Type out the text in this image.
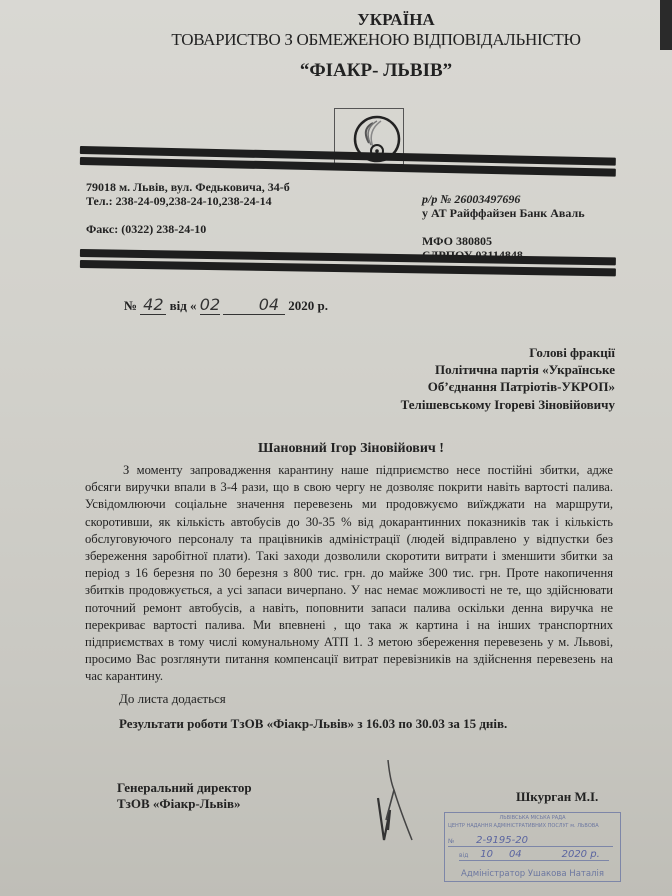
УКРАЇНА
ТОВАРИСТВО З ОБМЕЖЕНОЮ ВІДПОВІДАЛЬНІСТЮ
“ФІАКР- ЛЬВІВ”
79018 м. Львів, вул. Федьковича, 34-б
Тел.: 238-24-09,238-24-10,238-24-14
Факс: (0322) 238-24-10
р/р № 26003497696
у АТ Райффайзен Банк Аваль
МФО 380805
№ 42 від « 02 04 2020 р.
Голові фракції
Політична партія «Українське
Об’єднання Патріотів-УКРОП»
Телішевському Ігореві Зіновійовичу
Шановний Ігор Зіновійович !
З моменту запровадження карантину наше підприємство несе постійні збитки, адже обсяги виручки впали в 3-4 рази, що в свою чергу не дозволяє покрити навіть вартості палива. Усвідомлюючи соціальне значення перевезень ми продовжуємо виїжджати на маршрути, скоротивши, як кількість автобусів до 30-35 % від докарантинних показників так і кількість обслуговуючого персоналу та працівників адміністрації (людей відправлено у відпустки без збереження заробітної плати). Такі заходи дозволили скоротити витрати і зменшити збитки за період з 16 березня по 30 березня з 800 тис. грн. до майже 300 тис. грн. Проте накопичення збитків продовжується, а усі запаси вичерпано. У нас немає можливості не те, що здійснювати поточний ремонт автобусів, а навіть, поповнити запаси палива оскільки денна виручка не перекриває вартості палива. Ми впевнені , що така ж картина і на інших транспортних підприємствах в тому числі комунальному АТП 1. З метою збереження перевезень у м. Львові, просимо Вас розглянути питання компенсації витрат перевізників на здійснення перевезень на час карантину.
До листа додається
Результати роботи ТзОВ «Фіакр-Львів» з 16.03 по 30.03 за 15 днів.
Генеральний директор
ТзОВ «Фіакр-Львів»	Шкурган М.І.
ЛЬВІВСЬКА МІСЬКА РАДА
ЦЕНТР НАДАННЯ АДМІНІСТРАТИВНИХ ПОСЛУГ м. ЛЬВОВА
№ 2-9195-20
від 10 04	2020 р.
Адміністратор Ушакова Наталія
